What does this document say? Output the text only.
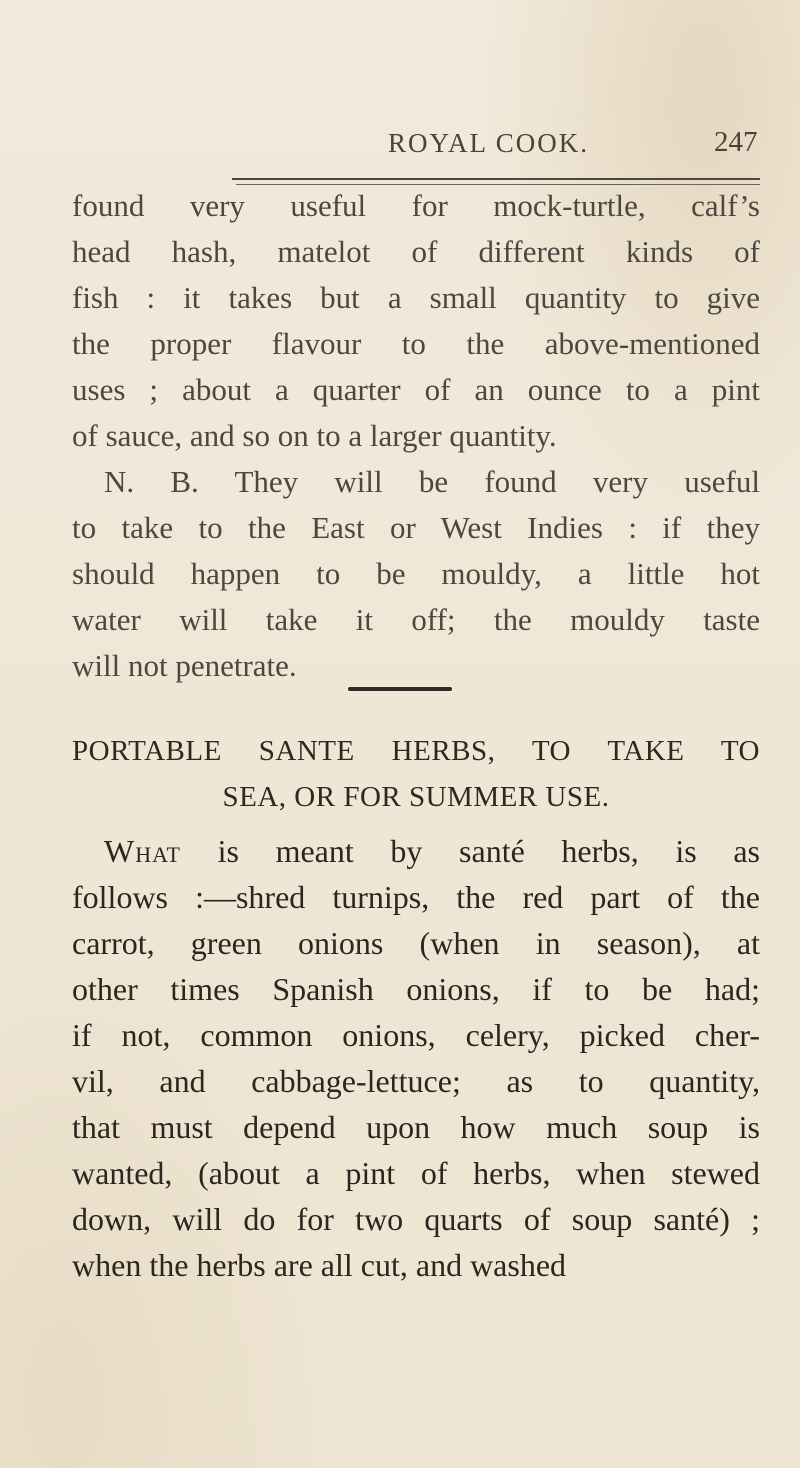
ROYAL COOK.	247
found very useful for mock-turtle, calf’s
head hash, matelot of different kinds of
fish : it takes but a small quantity to give
the proper flavour to the above-mentioned
uses ; about a quarter of an ounce to a pint
of sauce, and so on to a larger quantity.
N. B. They will be found very useful
to take to the East or West Indies : if they
should happen to be mouldy, a little hot
water will take it off; the mouldy taste
will not penetrate.
PORTABLE SANTE HERBS, TO TAKE TO
SEA, OR FOR SUMMER USE.
What is meant by santé herbs, is as
follows :—shred turnips, the red part of the
carrot, green onions (when in season), at
other times Spanish onions, if to be had;
if not, common onions, celery, picked cher-
vil, and cabbage-lettuce; as to quantity,
that must depend upon how much soup is
wanted, (about a pint of herbs, when stewed
down, will do for two quarts of soup santé) ;
when the herbs are all cut, and washed
